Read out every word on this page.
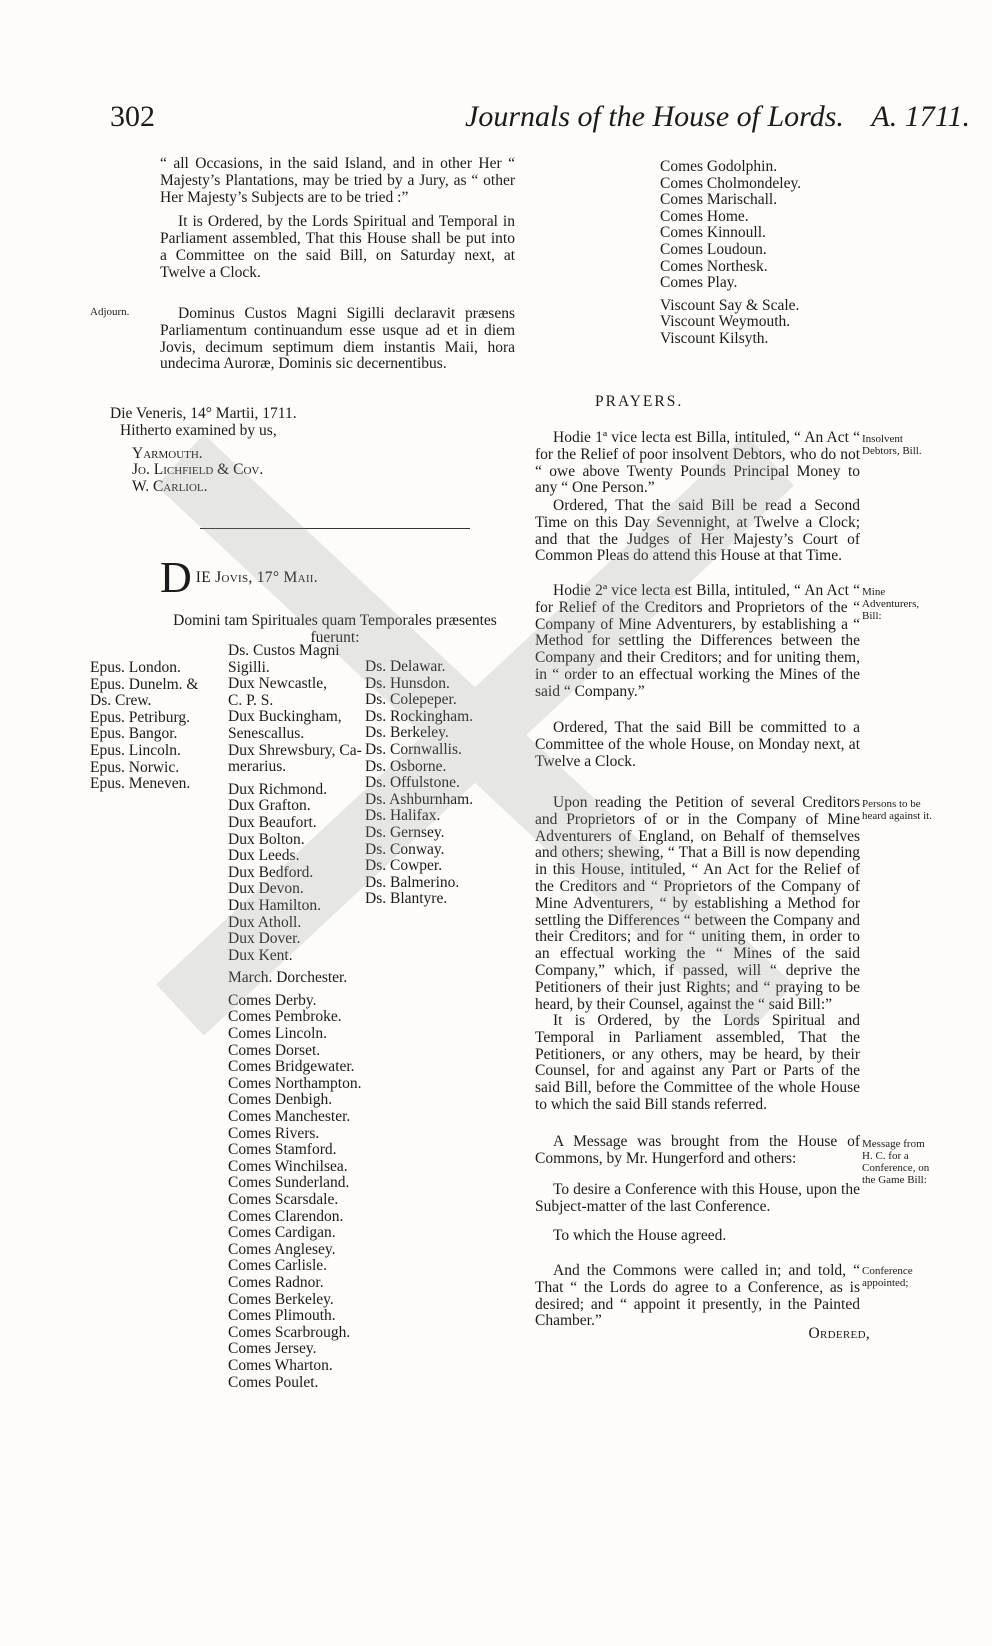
302	Journals of the House of Lords. A. 1711.

“ all Occasions, in the said Island, and in other Her “ Majesty’s Plantations, may be tried by a Jury, as “ other Her Majesty’s Subjects are to be tried :”

It is Ordered, by the Lords Spiritual and Temporal in Parliament assembled, That this House shall be put into a Committee on the said Bill, on Saturday next, at Twelve a Clock.

Adjourn.	Dominus Custos Magni Sigilli declaravit præsens Parliamentum continuandum esse usque ad et in diem Jovis, decimum septimum diem instantis Maii, hora undecima Auroræ, Dominis sic decernentibus.

Die Veneris, 14° Martii, 1711.
Hitherto examined by us,
Yarmouth.
Jo. Lichfield & Cov.
W. Carliol.
D IE Jovis, 17° Maii.
Domini tam Spirituales quam Temporales præsentes fuerunt:
Epus. London.
Epus. Dunelm. &
Ds. Crew.
Epus. Petriburg.
Epus. Bangor.
Epus. Lincoln.
Epus. Norwic.
Epus. Meneven.
Ds. Custos Magni
Sigilli.
Dux Newcastle,
C. P. S.
Dux Buckingham,
Senescallus.
Dux Shrewsbury, Ca-
merarius.
Dux Richmond.
Dux Grafton.
Dux Beaufort.
Dux Bolton.
Dux Leeds.
Dux Bedford.
Dux Devon.
Dux Hamilton.
Dux Atholl.
Dux Dover.
Dux Kent.
March. Dorchester.
Comes Derby.
Comes Pembroke.
Comes Lincoln.
Comes Dorset.
Comes Bridgewater.
Comes Northampton.
Comes Denbigh.
Comes Manchester.
Comes Rivers.
Comes Stamford.
Comes Winchilsea.
Comes Sunderland.
Comes Scarsdale.
Comes Clarendon.
Comes Cardigan.
Comes Anglesey.
Comes Carlisle.
Comes Radnor.
Comes Berkeley.
Comes Plimouth.
Comes Scarbrough.
Comes Jersey.
Comes Wharton.
Comes Poulet.
Ds. Delawar.
Ds. Hunsdon.
Ds. Colepeper.
Ds. Rockingham.
Ds. Berkeley.
Ds. Cornwallis.
Ds. Osborne.
Ds. Offulstone.
Ds. Ashburnham.
Ds. Halifax.
Ds. Gernsey.
Ds. Conway.
Ds. Cowper.
Ds. Balmerino.
Ds. Blantyre.
Comes Godolphin.
Comes Cholmondeley.
Comes Marischall.
Comes Home.
Comes Kinnoull.
Comes Loudoun.
Comes Northesk.
Comes Play.
Viscount Say & Scale.
Viscount Weymouth.
Viscount Kilsyth.
PRAYERS.

Hodie 1ª vice lecta est Billa, intituled, “ An Act “ for the Relief of poor insolvent Debtors, who do not “ owe above Twenty Pounds Principal Money to any “ One Person.”

Insolvent Debtors, Bill.

Ordered, That the said Bill be read a Second Time on this Day Sevennight, at Twelve a Clock; and that the Judges of Her Majesty’s Court of Common Pleas do attend this House at that Time.

Hodie 2ª vice lecta est Billa, intituled, “ An Act “ for Relief of the Creditors and Proprietors of the “ Company of Mine Adventurers, by establishing a “ Method for settling the Differences between the Company and their Creditors; and for uniting them, in “ order to an effectual working the Mines of the said “ Company.”

Mine Adventurers, Bill:

Ordered, That the said Bill be committed to a Committee of the whole House, on Monday next, at Twelve a Clock.

Upon reading the Petition of several Creditors and Proprietors of or in the Company of Mine Adventurers of England, on Behalf of themselves and others; shewing, “ That a Bill is now depending in this House, intituled, “ An Act for the Relief of the Creditors and “ Proprietors of the Company of Mine Adventurers, “ by establishing a Method for settling the Differences “ between the Company and their Creditors; and for “ uniting them, in order to an effectual working the “ Mines of the said Company,” which, if passed, will “ deprive the Petitioners of their just Rights; and “ praying to be heard, by their Counsel, against the “ said Bill:”

Persons to be heard against it.

It is Ordered, by the Lords Spiritual and Temporal in Parliament assembled, That the Petitioners, or any others, may be heard, by their Counsel, for and against any Part or Parts of the said Bill, before the Committee of the whole House to which the said Bill stands referred.

A Message was brought from the House of Commons, by Mr. Hungerford and others:

Message from H. C. for a Conference, on the Game Bill:

To desire a Conference with this House, upon the Subject-matter of the last Conference.

To which the House agreed.

And the Commons were called in; and told, “ That “ the Lords do agree to a Conference, as is desired; and “ appoint it presently, in the Painted Chamber.”

Conference appointed;
Ordered,
